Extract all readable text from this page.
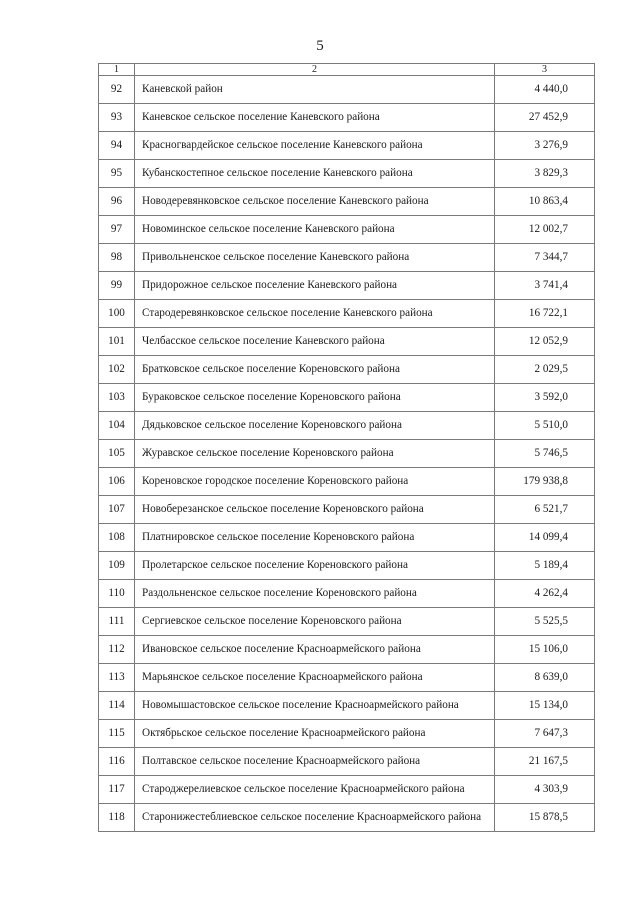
5
1	2	3
92	Каневской район	4 440,0
93	Каневское сельское поселение Каневского района	27 452,9
94	Красногвардейское сельское поселение Каневского района	3 276,9
95	Кубанскостепное сельское поселение Каневского района	3 829,3
96	Новодеревянковское сельское поселение Каневского района	10 863,4
97	Новоминское сельское поселение Каневского района	12 002,7
98	Привольненское сельское поселение Каневского района	7 344,7
99	Придорожное сельское поселение Каневского района	3 741,4
100	Стародеревянковское сельское поселение Каневского района	16 722,1
101	Челбасское сельское поселение Каневского района	12 052,9
102	Братковское сельское поселение Кореновского района	2 029,5
103	Бураковское сельское поселение Кореновского района	3 592,0
104	Дядьковское сельское поселение Кореновского района	5 510,0
105	Журавское сельское поселение Кореновского района	5 746,5
106	Кореновское городское поселение Кореновского района	179 938,8
107	Новоберезанское сельское поселение Кореновского района	6 521,7
108	Платнировское сельское поселение Кореновского района	14 099,4
109	Пролетарское сельское поселение Кореновского района	5 189,4
110	Раздольненское сельское поселение Кореновского района	4 262,4
111	Сергиевское сельское поселение Кореновского района	5 525,5
112	Ивановское сельское поселение Красноармейского района	15 106,0
113	Марьянское сельское поселение Красноармейского района	8 639,0
114	Новомышастовское сельское поселение Красноармейского района	15 134,0
115	Октябрьское сельское поселение Красноармейского района	7 647,3
116	Полтавское сельское поселение Красноармейского района	21 167,5
117	Староджерелиевское сельское поселение Красноармейского района	4 303,9
118	Старонижестеблиевское сельское поселение Красноармейского района	15 878,5
